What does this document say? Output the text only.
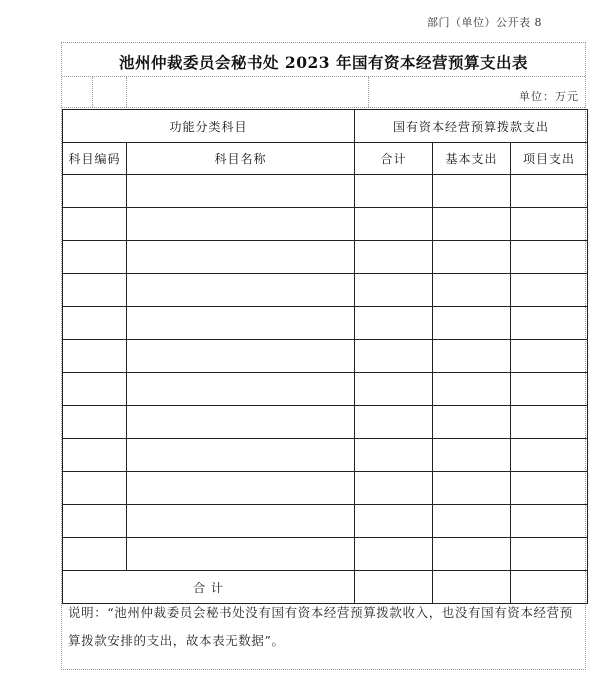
部门（单位）公开表 8
池州仲裁委员会秘书处 2023 年国有资本经营预算支出表
单位：万元
功能分类科目		国有资本经营预算拨款支出		
科目编码	科目名称	合计	基本支出	项目支出

合 计				
说明：“池州仲裁委员会秘书处没有国有资本经营预算拨款收入，也没有国有资本经营预算拨款安排的支出，故本表无数据”。
